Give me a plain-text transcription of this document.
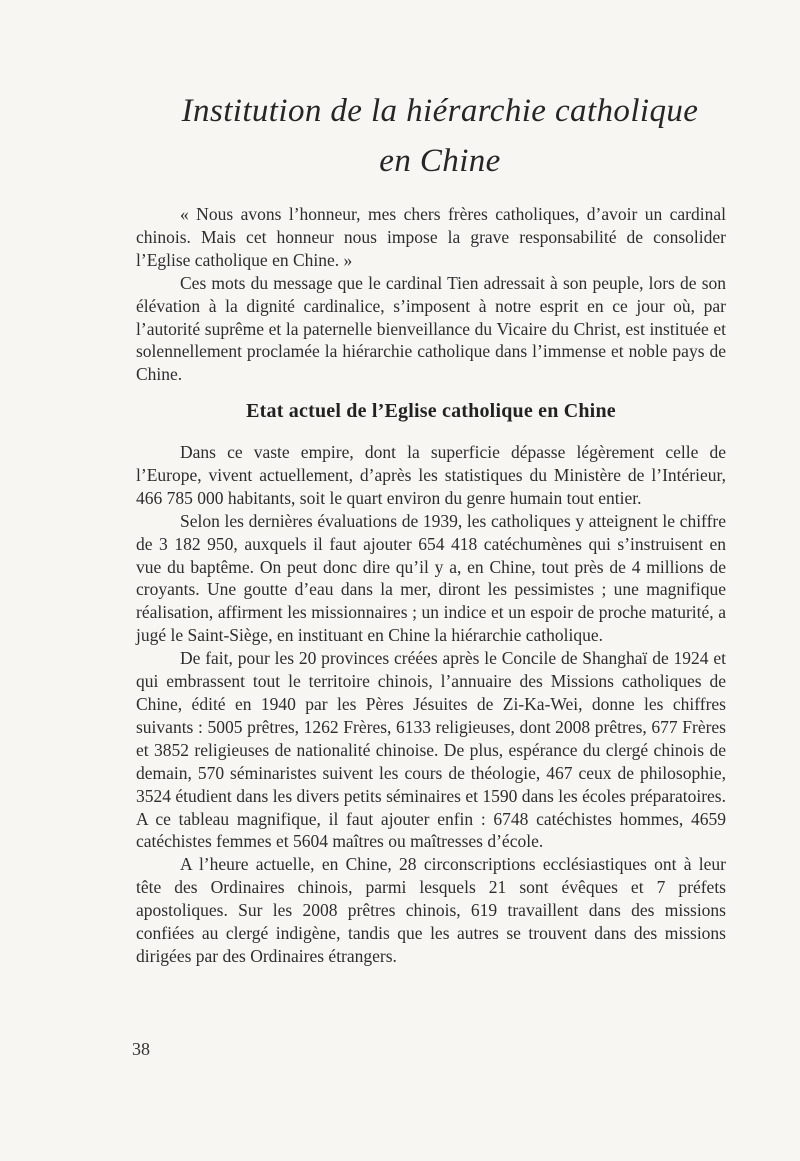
Institution de la hiérarchie catholique
en Chine

« Nous avons l’honneur, mes chers frères catholiques, d’avoir un cardinal chinois. Mais cet honneur nous impose la grave responsabilité de consolider l’Eglise catholique en Chine. »

Ces mots du message que le cardinal Tien adressait à son peuple, lors de son élévation à la dignité cardinalice, s’imposent à notre esprit en ce jour où, par l’autorité suprême et la paternelle bienveillance du Vicaire du Christ, est instituée et solennellement proclamée la hiérarchie catholique dans l’immense et noble pays de Chine.

Etat actuel de l’Eglise catholique en Chine

Dans ce vaste empire, dont la superficie dépasse légèrement celle de l’Europe, vivent actuellement, d’après les statistiques du Ministère de l’Intérieur, 466 785 000 habitants, soit le quart environ du genre humain tout entier.

Selon les dernières évaluations de 1939, les catholiques y atteignent le chiffre de 3 182 950, auxquels il faut ajouter 654 418 catéchumènes qui s’instruisent en vue du baptême. On peut donc dire qu’il y a, en Chine, tout près de 4 millions de croyants. Une goutte d’eau dans la mer, diront les pessimistes ; une magnifique réalisation, affirment les missionnaires ; un indice et un espoir de proche maturité, a jugé le Saint-Siège, en instituant en Chine la hiérarchie catholique.

De fait, pour les 20 provinces créées après le Concile de Shanghaï de 1924 et qui embrassent tout le territoire chinois, l’annuaire des Missions catholiques de Chine, édité en 1940 par les Pères Jésuites de Zi-Ka-Wei, donne les chiffres suivants : 5005 prêtres, 1262 Frères, 6133 religieuses, dont 2008 prêtres, 677 Frères et 3852 religieuses de nationalité chinoise. De plus, espérance du clergé chinois de demain, 570 séminaristes suivent les cours de théologie, 467 ceux de philosophie, 3524 étudient dans les divers petits séminaires et 1590 dans les écoles préparatoires. A ce tableau magnifique, il faut ajouter enfin : 6748 catéchistes hommes, 4659 catéchistes femmes et 5604 maîtres ou maîtresses d’école.

A l’heure actuelle, en Chine, 28 circonscriptions ecclésiastiques ont à leur tête des Ordinaires chinois, parmi lesquels 21 sont évêques et 7 préfets apostoliques. Sur les 2008 prêtres chinois, 619 travaillent dans des missions confiées au clergé indigène, tandis que les autres se trouvent dans des missions dirigées par des Ordinaires étrangers.

38
